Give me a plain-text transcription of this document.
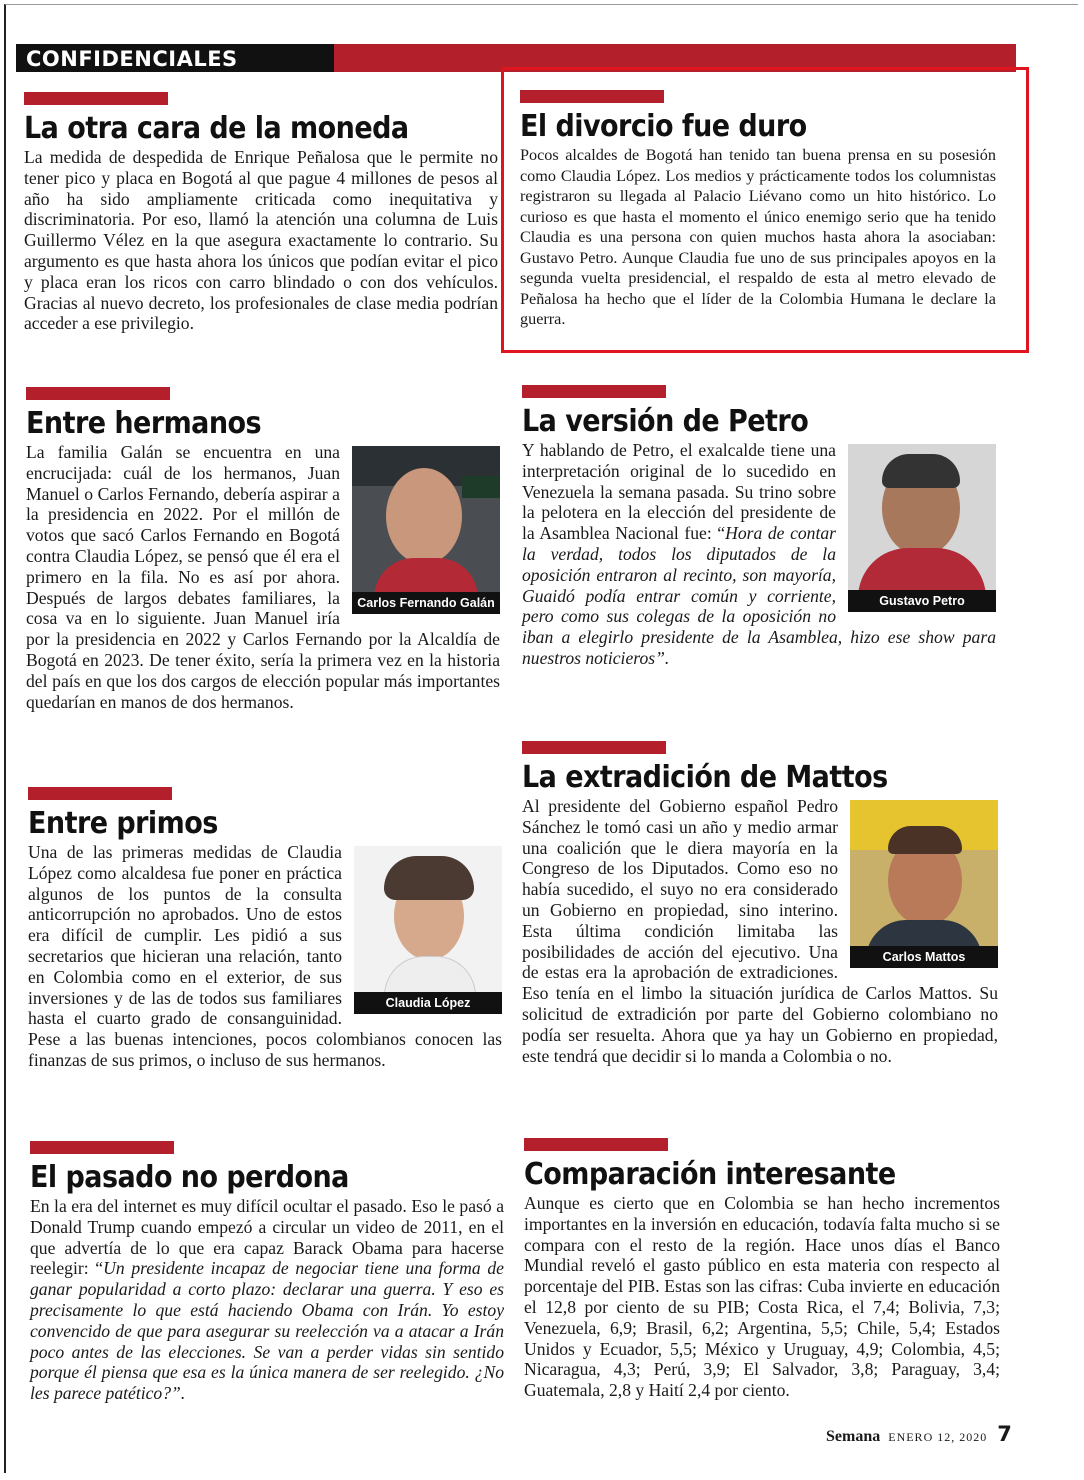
CONFIDENCIALES
La otra cara de la moneda

La medida de despedida de Enrique Peñalosa que le permite no tener pico y placa en Bogotá al que pague 4 millones de pesos al año ha sido ampliamente criticada como inequitativa y discriminatoria. Por eso, llamó la atención una columna de Luis Guillermo Vélez en la que asegura exactamente lo contrario. Su argumento es que hasta ahora los únicos que podían evitar el pico y placa eran los ricos con carro blindado o con dos vehículos. Gracias al nuevo decreto, los profesionales de clase media podrían acceder a ese privilegio.

El divorcio fue duro

Pocos alcaldes de Bogotá han tenido tan buena prensa en su posesión como Claudia López. Los medios y prácticamente todos los columnistas registraron su llegada al Palacio Liévano como un hito histórico. Lo curioso es que hasta el momento el único enemigo serio que ha tenido Claudia es una persona con quien muchos hasta ahora la asociaban: Gustavo Petro. Aunque Claudia fue uno de sus principales apoyos en la segunda vuelta presidencial, el respaldo de esta al metro elevado de Peñalosa ha hecho que el líder de la Colombia Humana le declare la guerra.

Entre hermanos
Carlos Fernando Galán

La familia Galán se encuentra en una encrucijada: cuál de los hermanos, Juan Manuel o Carlos Fernando, debería aspirar a la presidencia en 2022. Por el millón de votos que sacó Carlos Fernando en Bogotá contra Claudia López, se pensó que él era el primero en la fila. No es así por ahora. Después de largos debates familiares, la cosa va en lo siguiente. Juan Manuel iría por la presidencia en 2022 y Carlos Fernando por la Alcaldía de Bogotá en 2023. De tener éxito, sería la primera vez en la historia del país en que los dos cargos de elección popular más importantes quedarían en manos de dos hermanos.

La versión de Petro
Gustavo Petro

Y hablando de Petro, el exalcalde tiene una interpretación original de lo sucedido en Venezuela la semana pasada. Su trino sobre la pelotera en la elección del presidente de la Asamblea Nacional fue: “Hora de contar la verdad, todos los diputados de la oposición entraron al recinto, son mayoría, Guaidó podía entrar común y corriente, pero como sus colegas de la oposición no iban a elegirlo presidente de la Asamblea, hizo ese show para nuestros noticieros”.

Entre primos
Claudia López

Una de las primeras medidas de Claudia López como alcaldesa fue poner en práctica algunos de los puntos de la consulta anticorrupción no aprobados. Uno de estos era difícil de cumplir. Les pidió a sus secretarios que hicieran una relación, tanto en Colombia como en el exterior, de sus inversiones y de las de todos sus familiares hasta el cuarto grado de consanguinidad. Pese a las buenas intenciones, pocos colombianos conocen las finanzas de sus primos, o incluso de sus hermanos.

La extradición de Mattos
Carlos Mattos

Al presidente del Gobierno español Pedro Sánchez le tomó casi un año y medio armar una coalición que le diera mayoría en la Congreso de los Diputados. Como eso no había sucedido, el suyo no era considerado un Gobierno en propiedad, sino interino. Esta última condición limitaba las posibilidades de acción del ejecutivo. Una de estas era la aprobación de extradiciones. Eso tenía en el limbo la situación jurídica de Carlos Mattos. Su solicitud de extradición por parte del Gobierno colombiano no podía ser resuelta. Ahora que ya hay un Gobierno en propiedad, este tendrá que decidir si lo manda a Colombia o no.

El pasado no perdona

En la era del internet es muy difícil ocultar el pasado. Eso le pasó a Donald Trump cuando empezó a circular un video de 2011, en el que advertía de lo que era capaz Barack Obama para hacerse reelegir: “Un presidente incapaz de negociar tiene una forma de ganar popularidad a corto plazo: declarar una guerra. Y eso es precisamente lo que está haciendo Obama con Irán. Yo estoy convencido de que para asegurar su reelección va a atacar a Irán poco antes de las elecciones. Se van a perder vidas sin sentido porque él piensa que esa es la única manera de ser reelegido. ¿No les parece patético?”.

Comparación interesante

Aunque es cierto que en Colombia se han hecho incrementos importantes en la inversión en educación, todavía falta mucho si se compara con el resto de la región. Hace unos días el Banco Mundial reveló el gasto público en esta materia con respecto al porcentaje del PIB. Estas son las cifras: Cuba invierte en educación el 12,8 por ciento de su PIB; Costa Rica, el 7,4; Bolivia, 7,3; Venezuela, 6,9; Brasil, 6,2; Argentina, 5,5; Chile, 5,4; Estados Unidos y Ecuador, 5,5; México y Uruguay, 4,9; Colombia, 4,5; Nicaragua, 4,3; Perú, 3,9; El Salvador, 3,8; Paraguay, 3,4; Guatemala, 2,8 y Haití 2,4 por ciento.

Semana ENERO 12, 2020 7
